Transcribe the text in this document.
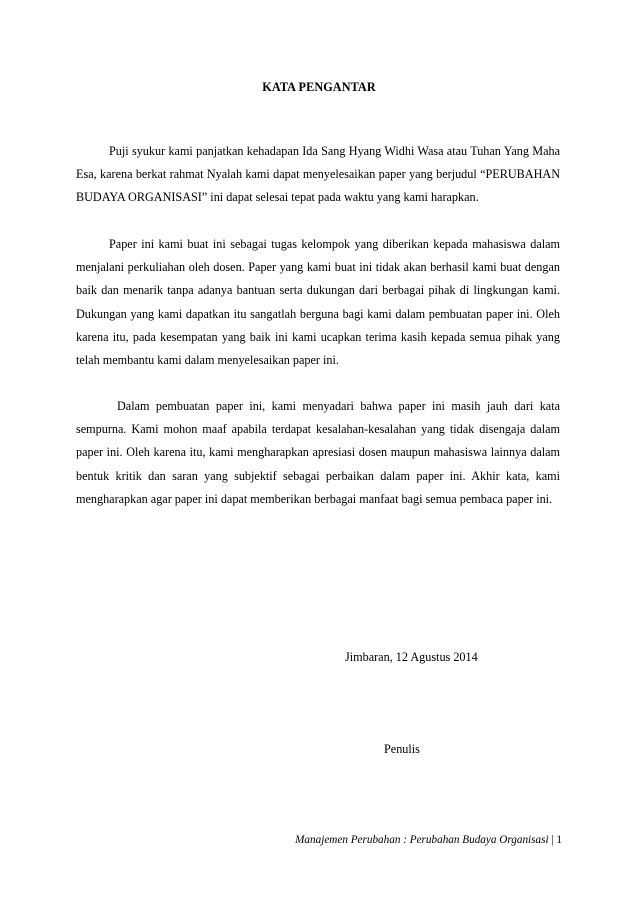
KATA PENGANTAR

Puji syukur kami panjatkan kehadapan Ida Sang Hyang Widhi Wasa atau Tuhan Yang Maha Esa, karena berkat rahmat Nyalah kami dapat menyelesaikan paper yang berjudul “PERUBAHAN BUDAYA ORGANISASI” ini dapat selesai tepat pada waktu yang kami harapkan.

Paper ini kami buat ini sebagai tugas kelompok yang diberikan kepada mahasiswa dalam menjalani perkuliahan oleh dosen. Paper yang kami buat ini tidak akan berhasil kami buat dengan baik dan menarik tanpa adanya bantuan serta dukungan dari berbagai pihak di lingkungan kami. Dukungan yang kami dapatkan itu sangatlah berguna bagi kami dalam pembuatan paper ini. Oleh karena itu, pada kesempatan yang baik ini kami ucapkan terima kasih kepada semua pihak yang telah membantu kami dalam menyelesaikan paper ini.

Dalam pembuatan paper ini, kami menyadari bahwa paper ini masih jauh dari kata sempurna. Kami mohon maaf apabila terdapat kesalahan-kesalahan yang tidak disengaja dalam paper ini. Oleh karena itu, kami mengharapkan apresiasi dosen maupun mahasiswa lainnya dalam bentuk kritik dan saran yang subjektif sebagai perbaikan dalam paper ini. Akhir kata, kami mengharapkan agar paper ini dapat memberikan berbagai manfaat bagi semua pembaca paper ini.

Jimbaran, 12 Agustus 2014
Penulis
Manajemen Perubahan : Perubahan Budaya Organisasi | 1
